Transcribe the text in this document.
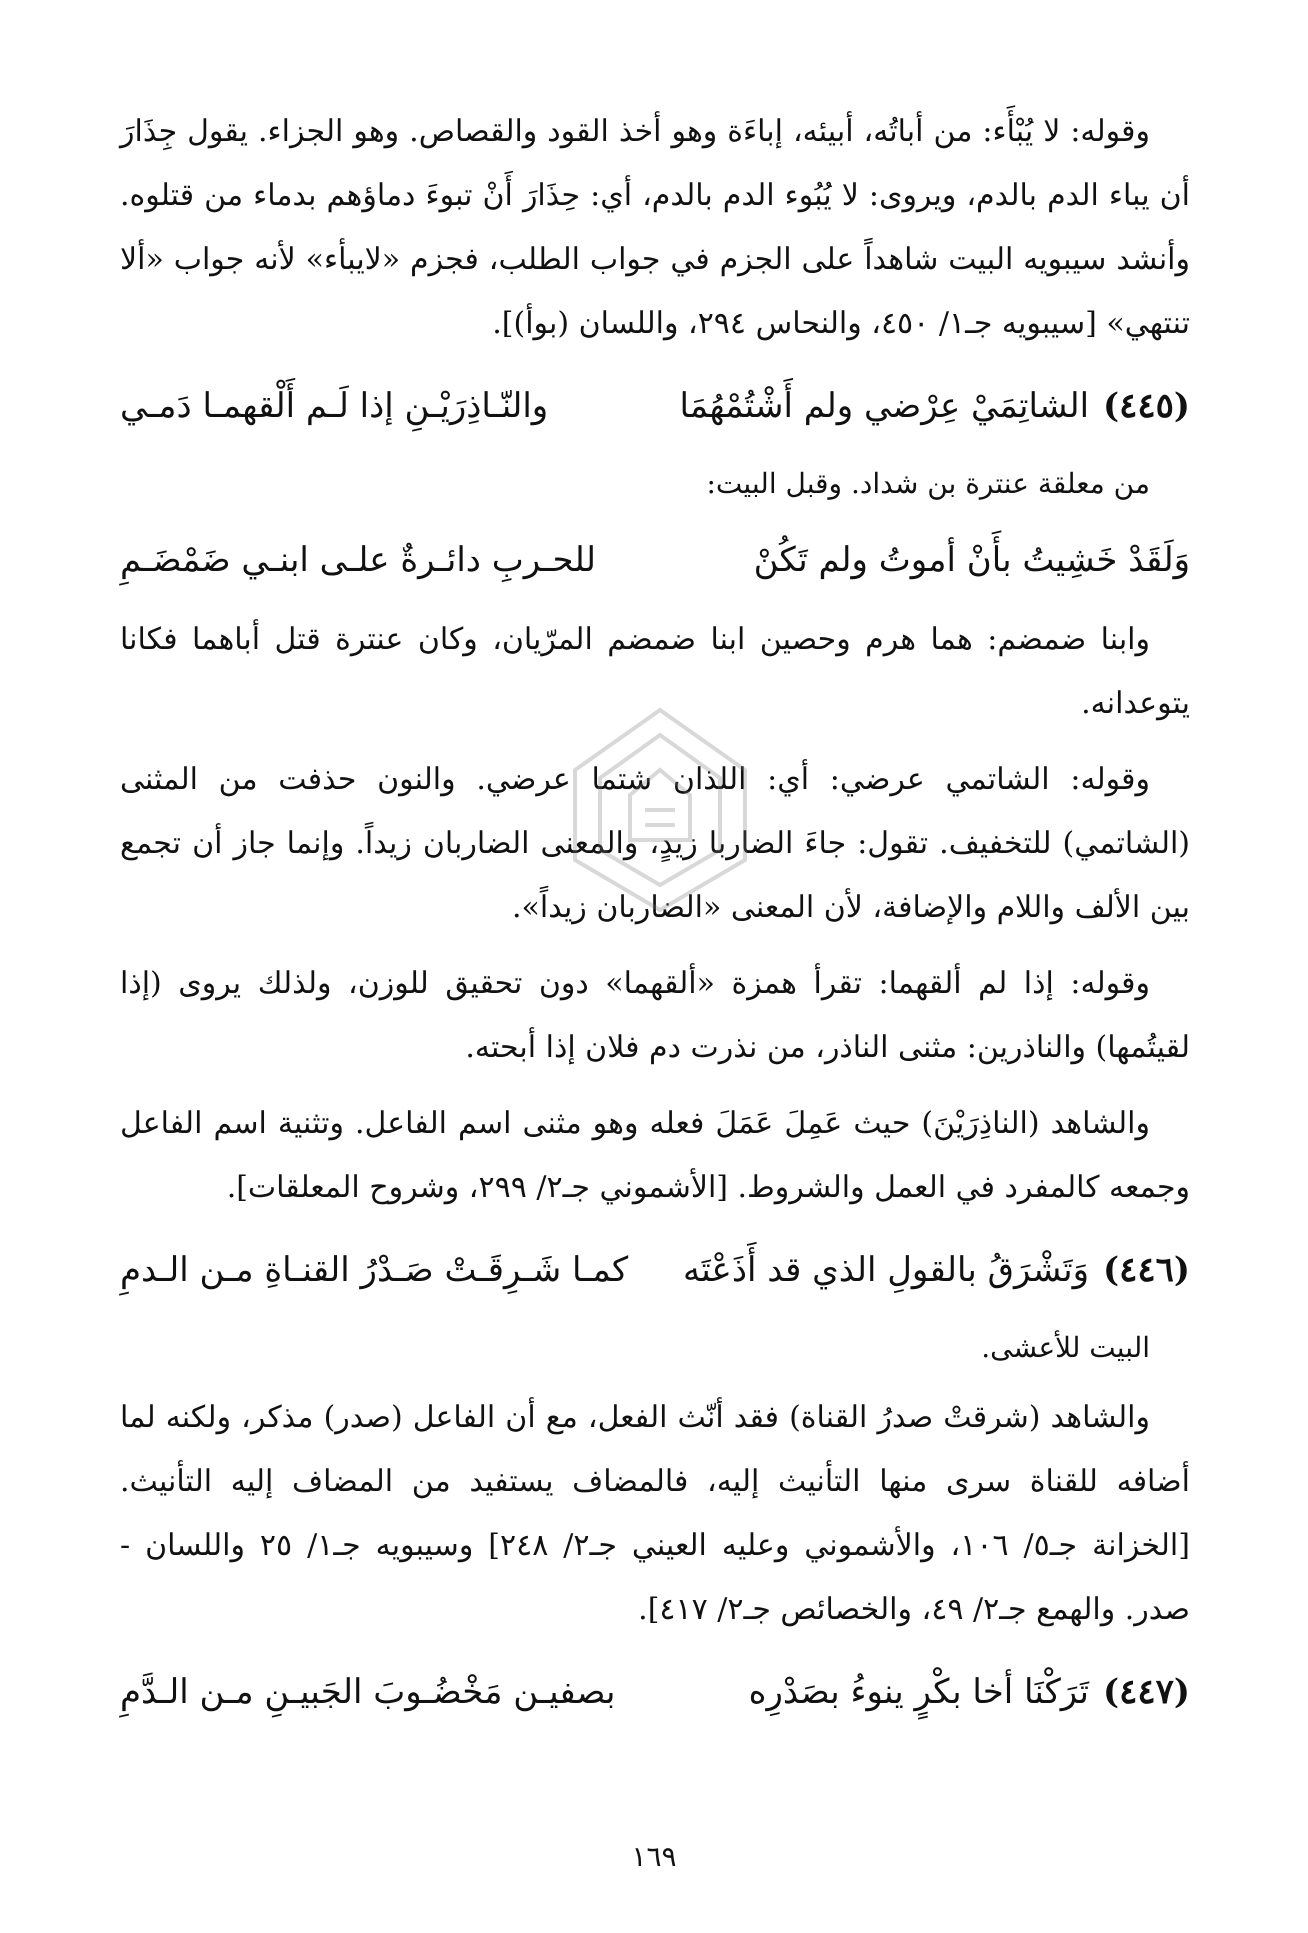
وقوله: لا يُبْأَء: من أباتُه، أبيئه، إباءَة وهو أخذ القود والقصاص. وهو الجزاء. يقول جِذَارَ أن يباء الدم بالدم، ويروى: لا يُبُوء الدم بالدم، أي: حِذَارَ أَنْ تبوءَ دماؤهم بدماء من قتلوه. وأنشد سيبويه البيت شاهداً على الجزم في جواب الطلب، فجزم «لايبأء» لأنه جواب «ألا تنتهي» [سيبويه جـ١/ ٤٥٠، والنحاس ٢٩٤، واللسان (بوأ)].

(٤٤٥)
الشاتِمَيْ عِرْضي ولم أَشْتُمْهُمَا
والنّـاذِرَيْـنِ إذا لَـم أَلْقهمـا دَمـي

من معلقة عنترة بن شداد. وقبل البيت:

وَلَقَدْ خَشِيتُ بأَنْ أموتُ ولم تَكُنْ
للحـربِ دائـرةٌ علـى ابنـي ضَمْضَـمِ

وابنا ضمضم: هما هرم وحصين ابنا ضمضم المرّيان، وكان عنترة قتل أباهما فكانا يتوعدانه.

وقوله: الشاتمي عرضي: أي: اللذان شتما عرضي. والنون حذفت من المثنى (الشاتمي) للتخفيف. تقول: جاءَ الضاربا زيدٍ، والمعنى الضاربان زيداً. وإنما جاز أن تجمع بين الألف واللام والإضافة، لأن المعنى «الضاربان زيداً».

وقوله: إذا لم ألقهما: تقرأ همزة «ألقهما» دون تحقيق للوزن، ولذلك يروى (إذا لقيتُمها) والناذرين: مثنى الناذر، من نذرت دم فلان إذا أبحته.

والشاهد (الناذِرَيْنَ) حيث عَمِلَ عَمَلَ فعله وهو مثنى اسم الفاعل. وتثنية اسم الفاعل وجمعه كالمفرد في العمل والشروط. [الأشموني جـ٢/ ٢٩٩، وشروح المعلقات].

(٤٤٦)
وَتَشْرَقُ بالقولِ الذي قد أَذَعْتَه
كمـا شَـرِقَـتْ صَـدْرُ القنـاةِ مـن الـدمِ

البيت للأعشى.

والشاهد (شرقتْ صدرُ القناة) فقد أنّث الفعل، مع أن الفاعل (صدر) مذكر، ولكنه لما أضافه للقناة سرى منها التأنيث إليه، فالمضاف يستفيد من المضاف إليه التأنيث. [الخزانة جـ٥/ ١٠٦، والأشموني وعليه العيني جـ٢/ ٢٤٨] وسيبويه جـ١/ ٢٥ واللسان - صدر. والهمع جـ٢/ ٤٩، والخصائص جـ٢/ ٤١٧].

(٤٤٧)
تَرَكْنَا أخا بكْرٍ ينوءُ بصَدْرِه
بصفيـن مَخْضُـوبَ الجَبيـنِ مـن الـدَّمِ
١٦٩
